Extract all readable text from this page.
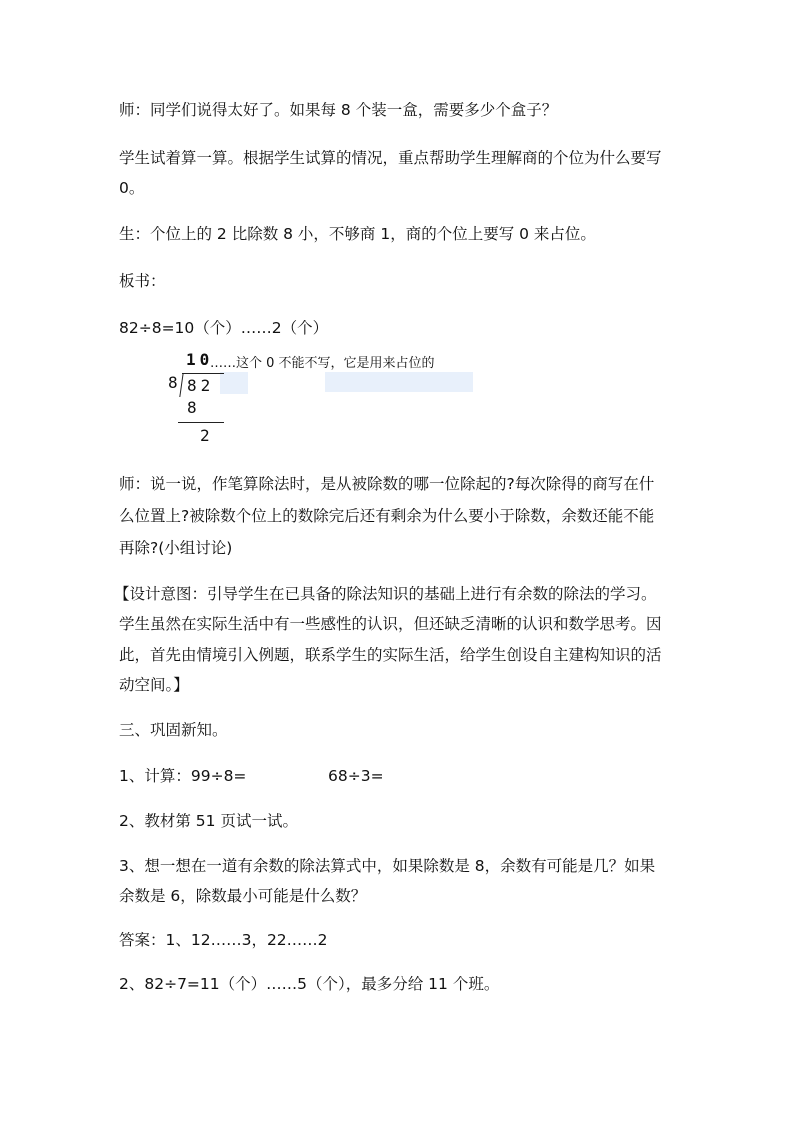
师：同学们说得太好了。如果每 8 个装一盒，需要多少个盒子？

学生试着算一算。根据学生试算的情况，重点帮助学生理解商的个位为什么要写

0。

生：个位上的 2 比除数 8 小，不够商 1，商的个位上要写 0 来占位。

板书：

82÷8=10（个）……2（个）

10
……这个 0 不能不写，它是用来占位的
8 82
8
2

师：说一说，作笔算除法时，是从被除数的哪一位除起的?每次除得的商写在什

么位置上?被除数个位上的数除完后还有剩余为什么要小于除数，余数还能不能

再除?(小组讨论)

【设计意图：引导学生在已具备的除法知识的基础上进行有余数的除法的学习。

学生虽然在实际生活中有一些感性的认识，但还缺乏清晰的认识和数学思考。因

此，首先由情境引入例题，联系学生的实际生活，给学生创设自主建构知识的活

动空间。】

三、巩固新知。

1、计算：99÷8=	68÷3=

2、教材第 51 页试一试。

3、想一想在一道有余数的除法算式中，如果除数是 8，余数有可能是几？如果

余数是 6，除数最小可能是什么数？

答案：1、12……3，22……2

2、82÷7=11（个）……5（个），最多分给 11 个班。
